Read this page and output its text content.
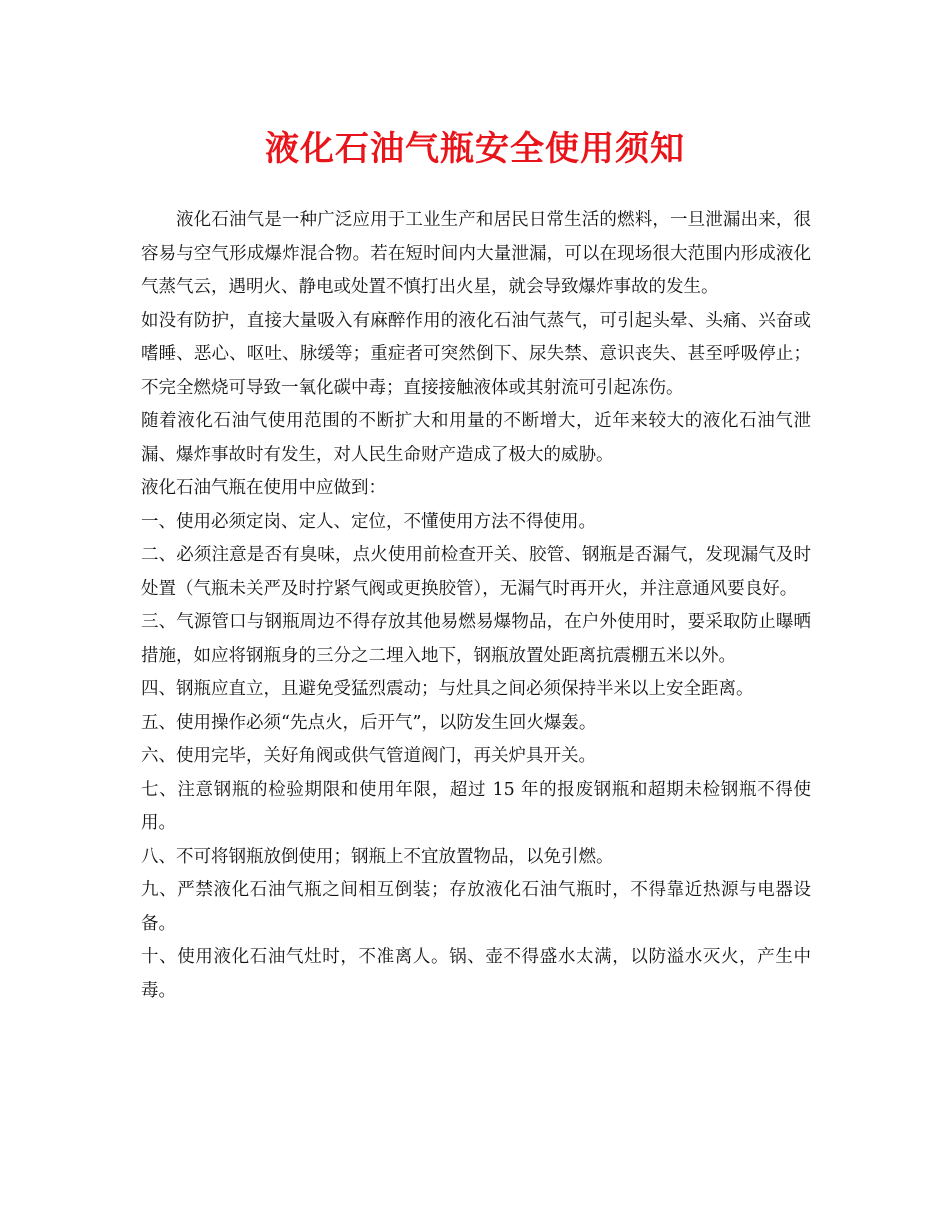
液化石油气瓶安全使用须知

液化石油气是一种广泛应用于工业生产和居民日常生活的燃料，一旦泄漏出来，很容易与空气形成爆炸混合物。若在短时间内大量泄漏，可以在现场很大范围内形成液化气蒸气云，遇明火、静电或处置不慎打出火星，就会导致爆炸事故的发生。

如没有防护，直接大量吸入有麻醉作用的液化石油气蒸气，可引起头晕、头痛、兴奋或嗜睡、恶心、呕吐、脉缓等；重症者可突然倒下、尿失禁、意识丧失、甚至呼吸停止；不完全燃烧可导致一氧化碳中毒；直接接触液体或其射流可引起冻伤。

随着液化石油气使用范围的不断扩大和用量的不断增大，近年来较大的液化石油气泄漏、爆炸事故时有发生，对人民生命财产造成了极大的威胁。

液化石油气瓶在使用中应做到：

一、使用必须定岗、定人、定位，不懂使用方法不得使用。

二、必须注意是否有臭味，点火使用前检查开关、胶管、钢瓶是否漏气，发现漏气及时处置（气瓶未关严及时拧紧气阀或更换胶管），无漏气时再开火，并注意通风要良好。

三、气源管口与钢瓶周边不得存放其他易燃易爆物品，在户外使用时，要采取防止曝晒措施，如应将钢瓶身的三分之二埋入地下，钢瓶放置处距离抗震棚五米以外。

四、钢瓶应直立，且避免受猛烈震动；与灶具之间必须保持半米以上安全距离。

五、使用操作必须“先点火，后开气”，以防发生回火爆轰。

六、使用完毕，关好角阀或供气管道阀门，再关炉具开关。

七、注意钢瓶的检验期限和使用年限，超过 15 年的报废钢瓶和超期未检钢瓶不得使用。

八、不可将钢瓶放倒使用；钢瓶上不宜放置物品，以免引燃。

九、严禁液化石油气瓶之间相互倒装；存放液化石油气瓶时，不得靠近热源与电器设备。

十、使用液化石油气灶时，不准离人。锅、壶不得盛水太满，以防溢水灭火，产生中毒。
